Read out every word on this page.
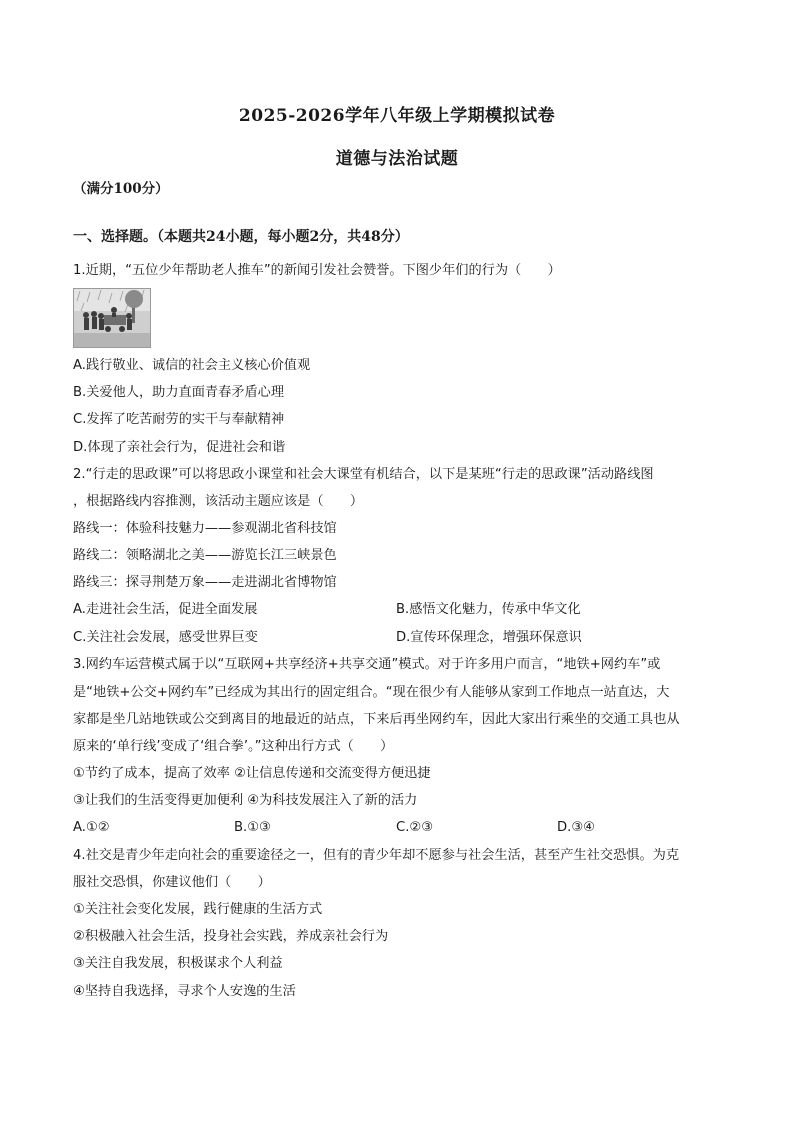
2025-2026学年八年级上学期模拟试卷
道德与法治试题
（满分100分）
一、选择题。（本题共24小题，每小题2分，共48分）
1.近期，“五位少年帮助老人推车”的新闻引发社会赞誉。下图少年们的行为（　　）
A.践行敬业、诚信的社会主义核心价值观
B.关爱他人，助力直面青春矛盾心理
C.发挥了吃苦耐劳的实干与奉献精神
D.体现了亲社会行为，促进社会和谐
2.“行走的思政课”可以将思政小课堂和社会大课堂有机结合，以下是某班“行走的思政课”活动路线图
，根据路线内容推测，该活动主题应该是（　　）
路线一：体验科技魅力——参观湖北省科技馆
路线二：领略湖北之美——游览长江三峡景色
路线三：探寻荆楚万象——走进湖北省博物馆
A.走进社会生活，促进全面发展	B.感悟文化魅力，传承中华文化
C.关注社会发展，感受世界巨变	D.宣传环保理念，增强环保意识
3.网约车运营模式属于以“互联网+共享经济+共享交通”模式。对于许多用户而言，“地铁+网约车”或
是“地铁+公交+网约车”已经成为其出行的固定组合。“现在很少有人能够从家到工作地点一站直达，大
家都是坐几站地铁或公交到离目的地最近的站点，下来后再坐网约车，因此大家出行乘坐的交通工具也从
原来的‘单行线’变成了‘组合拳’。”这种出行方式（　　）
①节约了成本，提高了效率 ②让信息传递和交流变得方便迅捷
③让我们的生活变得更加便利 ④为科技发展注入了新的活力
A.①②	B.①③	C.②③	D.③④
4.社交是青少年走向社会的重要途径之一，但有的青少年却不愿参与社会生活，甚至产生社交恐惧。为克
服社交恐惧，你建议他们（　　）
①关注社会变化发展，践行健康的生活方式
②积极融入社会生活，投身社会实践，养成亲社会行为
③关注自我发展，积极谋求个人利益
④坚持自我选择，寻求个人安逸的生活
